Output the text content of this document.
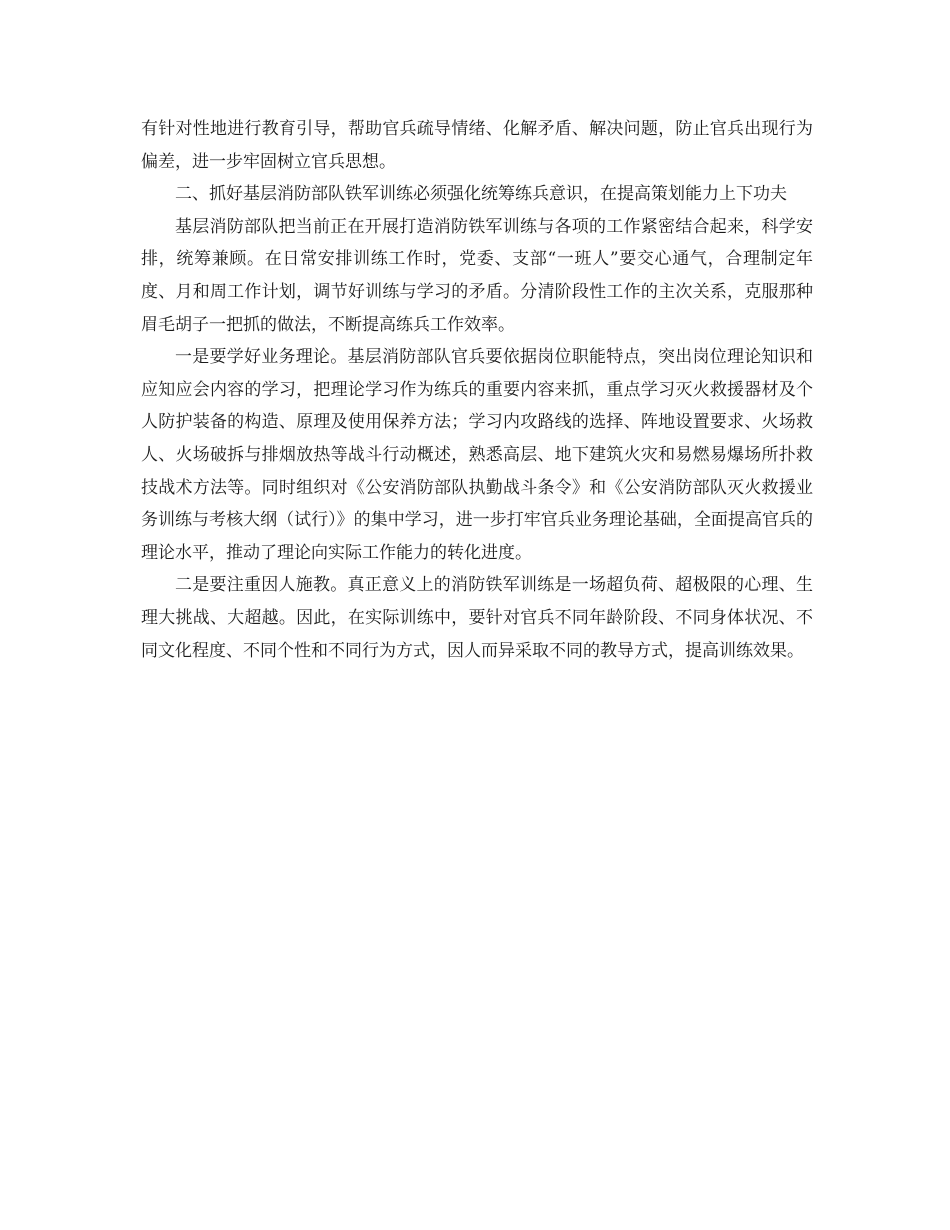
有针对性地进行教育引导，帮助官兵疏导情绪、化解矛盾、解决问题，防止官兵出现行为偏差，进一步牢固树立官兵思想。

二、抓好基层消防部队铁军训练必须强化统筹练兵意识，在提高策划能力上下功夫

基层消防部队把当前正在开展打造消防铁军训练与各项的工作紧密结合起来，科学安排，统筹兼顾。在日常安排训练工作时，党委、支部“一班人”要交心通气，合理制定年度、月和周工作计划，调节好训练与学习的矛盾。分清阶段性工作的主次关系，克服那种眉毛胡子一把抓的做法，不断提高练兵工作效率。

一是要学好业务理论。基层消防部队官兵要依据岗位职能特点，突出岗位理论知识和应知应会内容的学习，把理论学习作为练兵的重要内容来抓，重点学习灭火救援器材及个人防护装备的构造、原理及使用保养方法；学习内攻路线的选择、阵地设置要求、火场救人、火场破拆与排烟放热等战斗行动概述，熟悉高层、地下建筑火灾和易燃易爆场所扑救技战术方法等。同时组织对《公安消防部队执勤战斗条令》和《公安消防部队灭火救援业务训练与考核大纲（试行）》的集中学习，进一步打牢官兵业务理论基础，全面提高官兵的理论水平，推动了理论向实际工作能力的转化进度。

二是要注重因人施教。真正意义上的消防铁军训练是一场超负荷、超极限的心理、生理大挑战、大超越。因此，在实际训练中，要针对官兵不同年龄阶段、不同身体状况、不同文化程度、不同个性和不同行为方式，因人而异采取不同的教导方式，提高训练效果。
